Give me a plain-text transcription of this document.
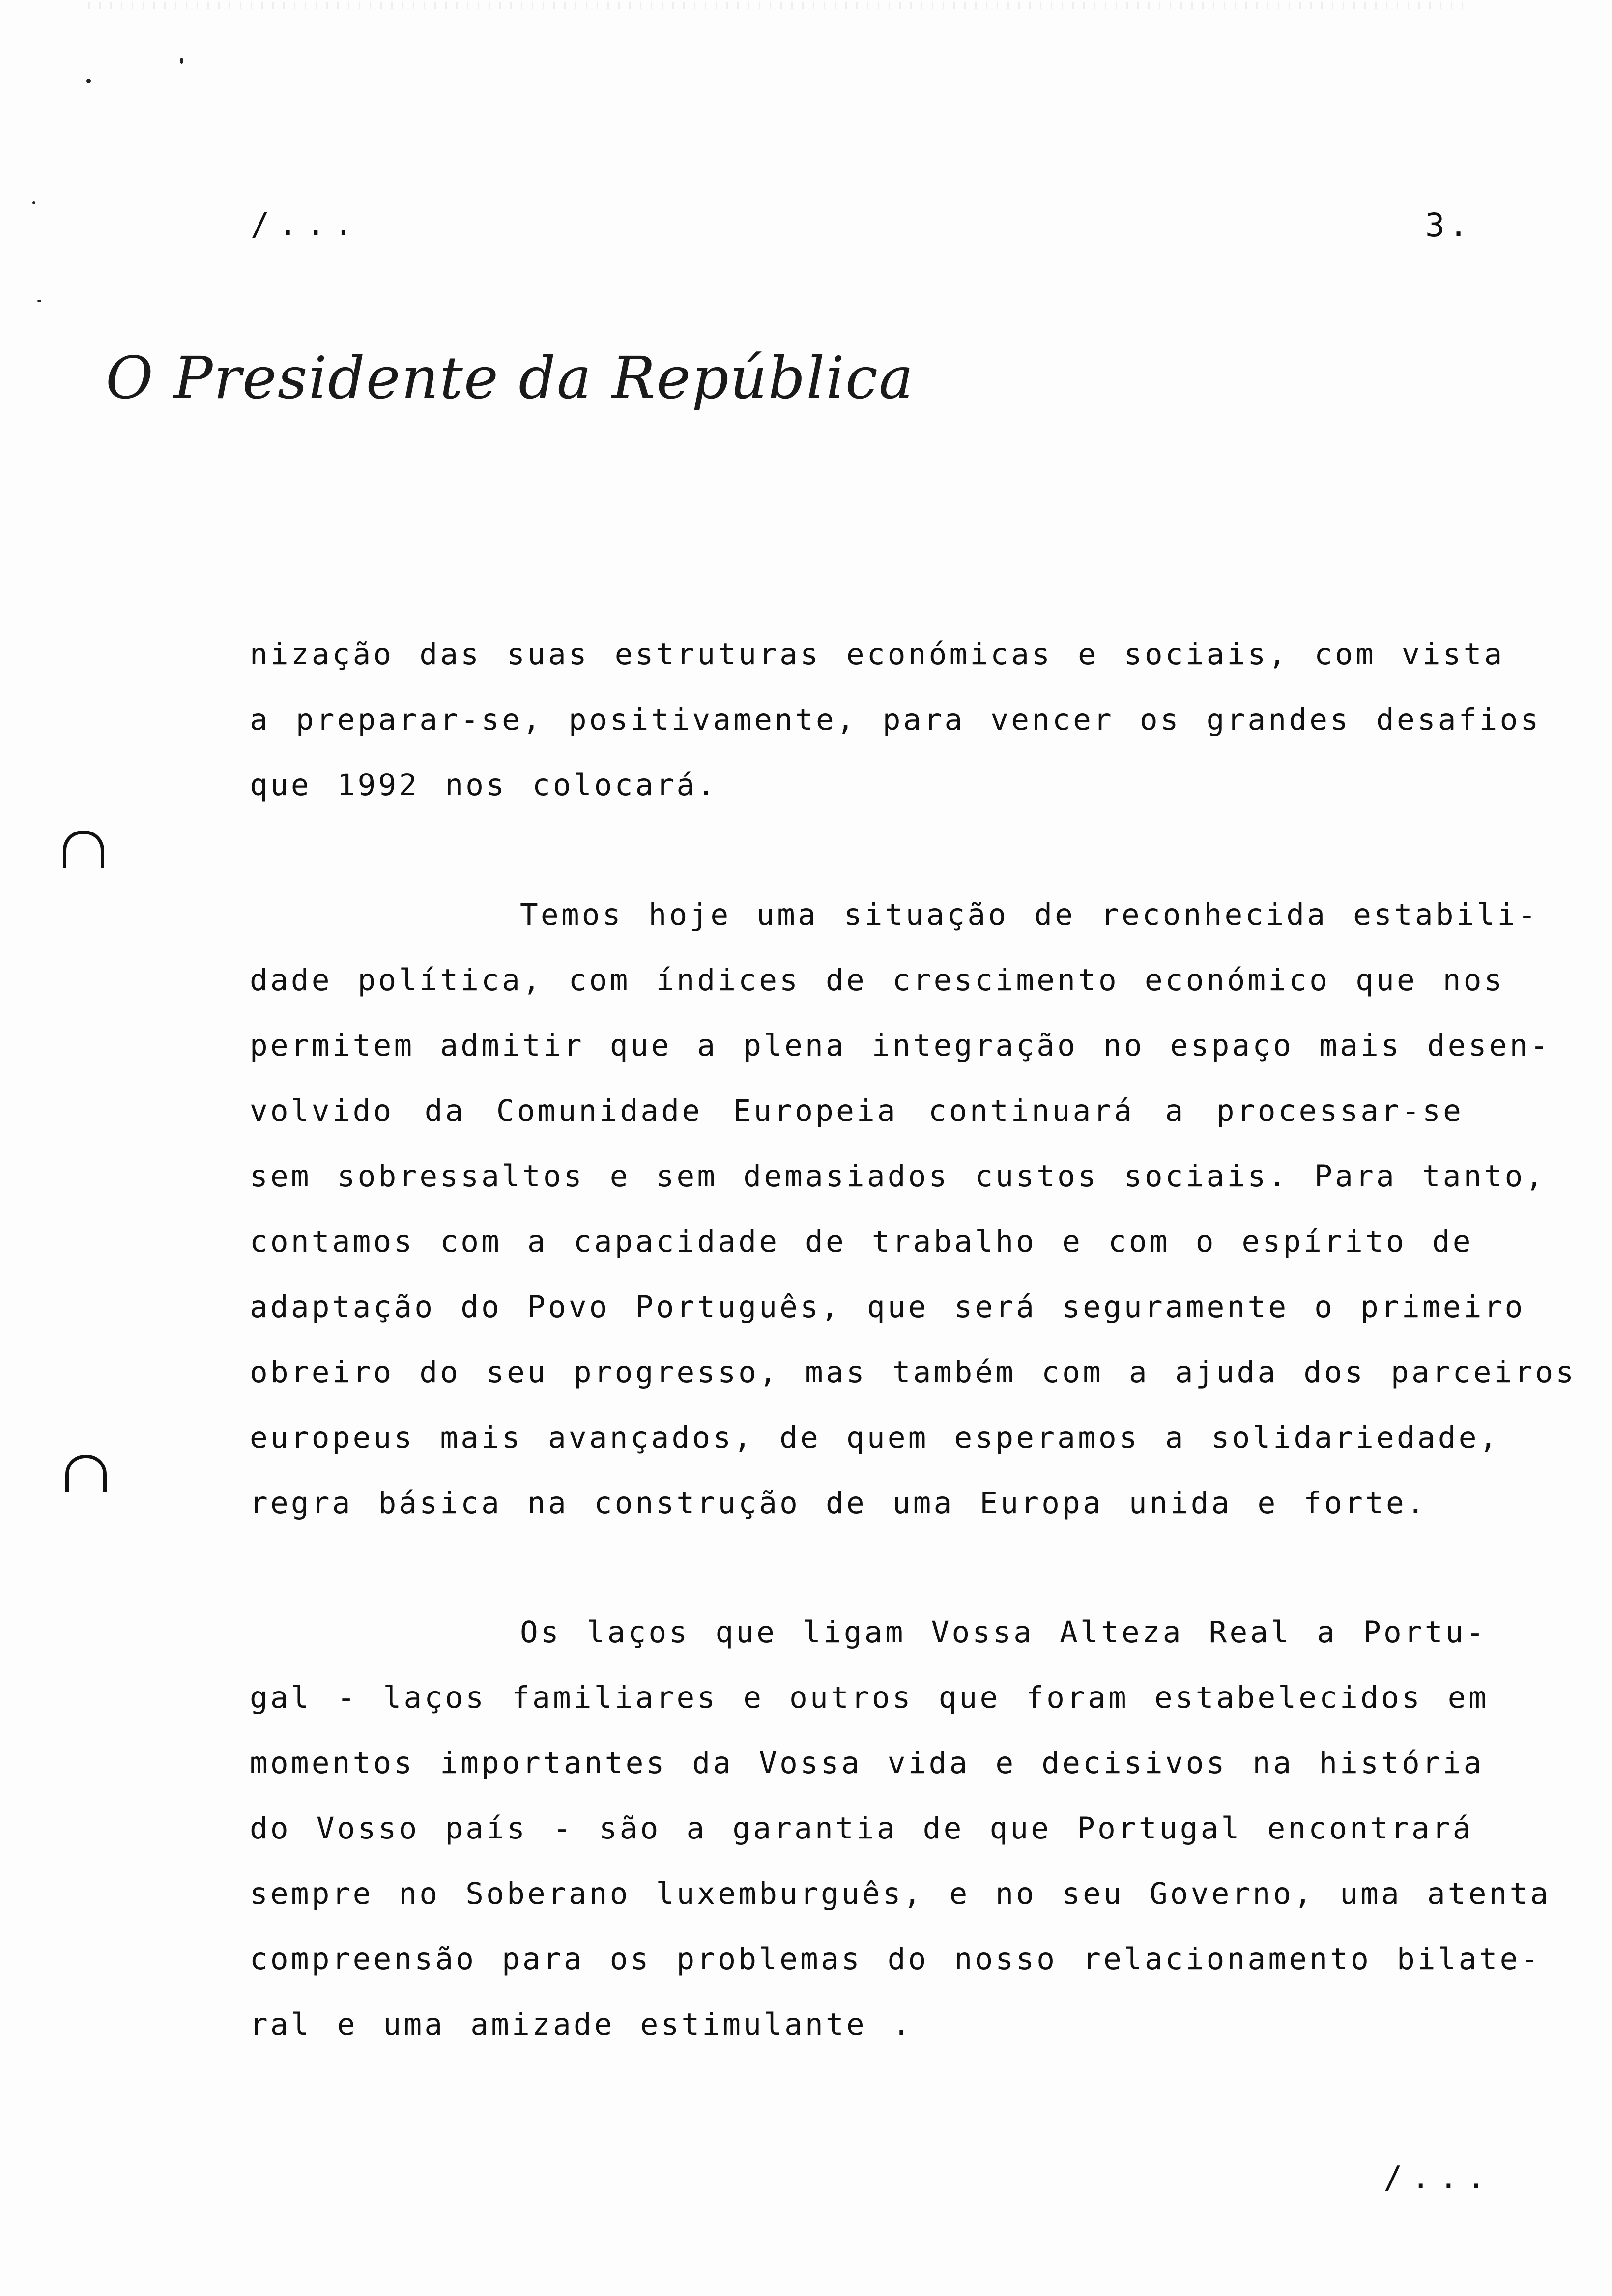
/...	3.
O Presidente da República
nização das suas estruturas económicas e sociais, com vista
a preparar-se, positivamente, para vencer os grandes desafios
que 1992 nos colocará.
Temos hoje uma situação de reconhecida estabili-
dade política, com índices de crescimento económico que nos
permitem admitir que a plena integração no espaço mais desen-
volvido da Comunidade Europeia continuará a processar-se
sem sobressaltos e sem demasiados custos sociais. Para tanto,
contamos com a capacidade de trabalho e com o espírito de
adaptação do Povo Português, que será seguramente o primeiro
obreiro do seu progresso, mas também com a ajuda dos parceiros
europeus mais avançados, de quem esperamos a solidariedade,
regra básica na construção de uma Europa unida e forte.
Os laços que ligam Vossa Alteza Real a Portu-
gal - laços familiares e outros que foram estabelecidos em
momentos importantes da Vossa vida e decisivos na história
do Vosso país - são a garantia de que Portugal encontrará
sempre no Soberano luxemburguês, e no seu Governo, uma atenta
compreensão para os problemas do nosso relacionamento bilate-
ral e uma amizade estimulante .
/...
